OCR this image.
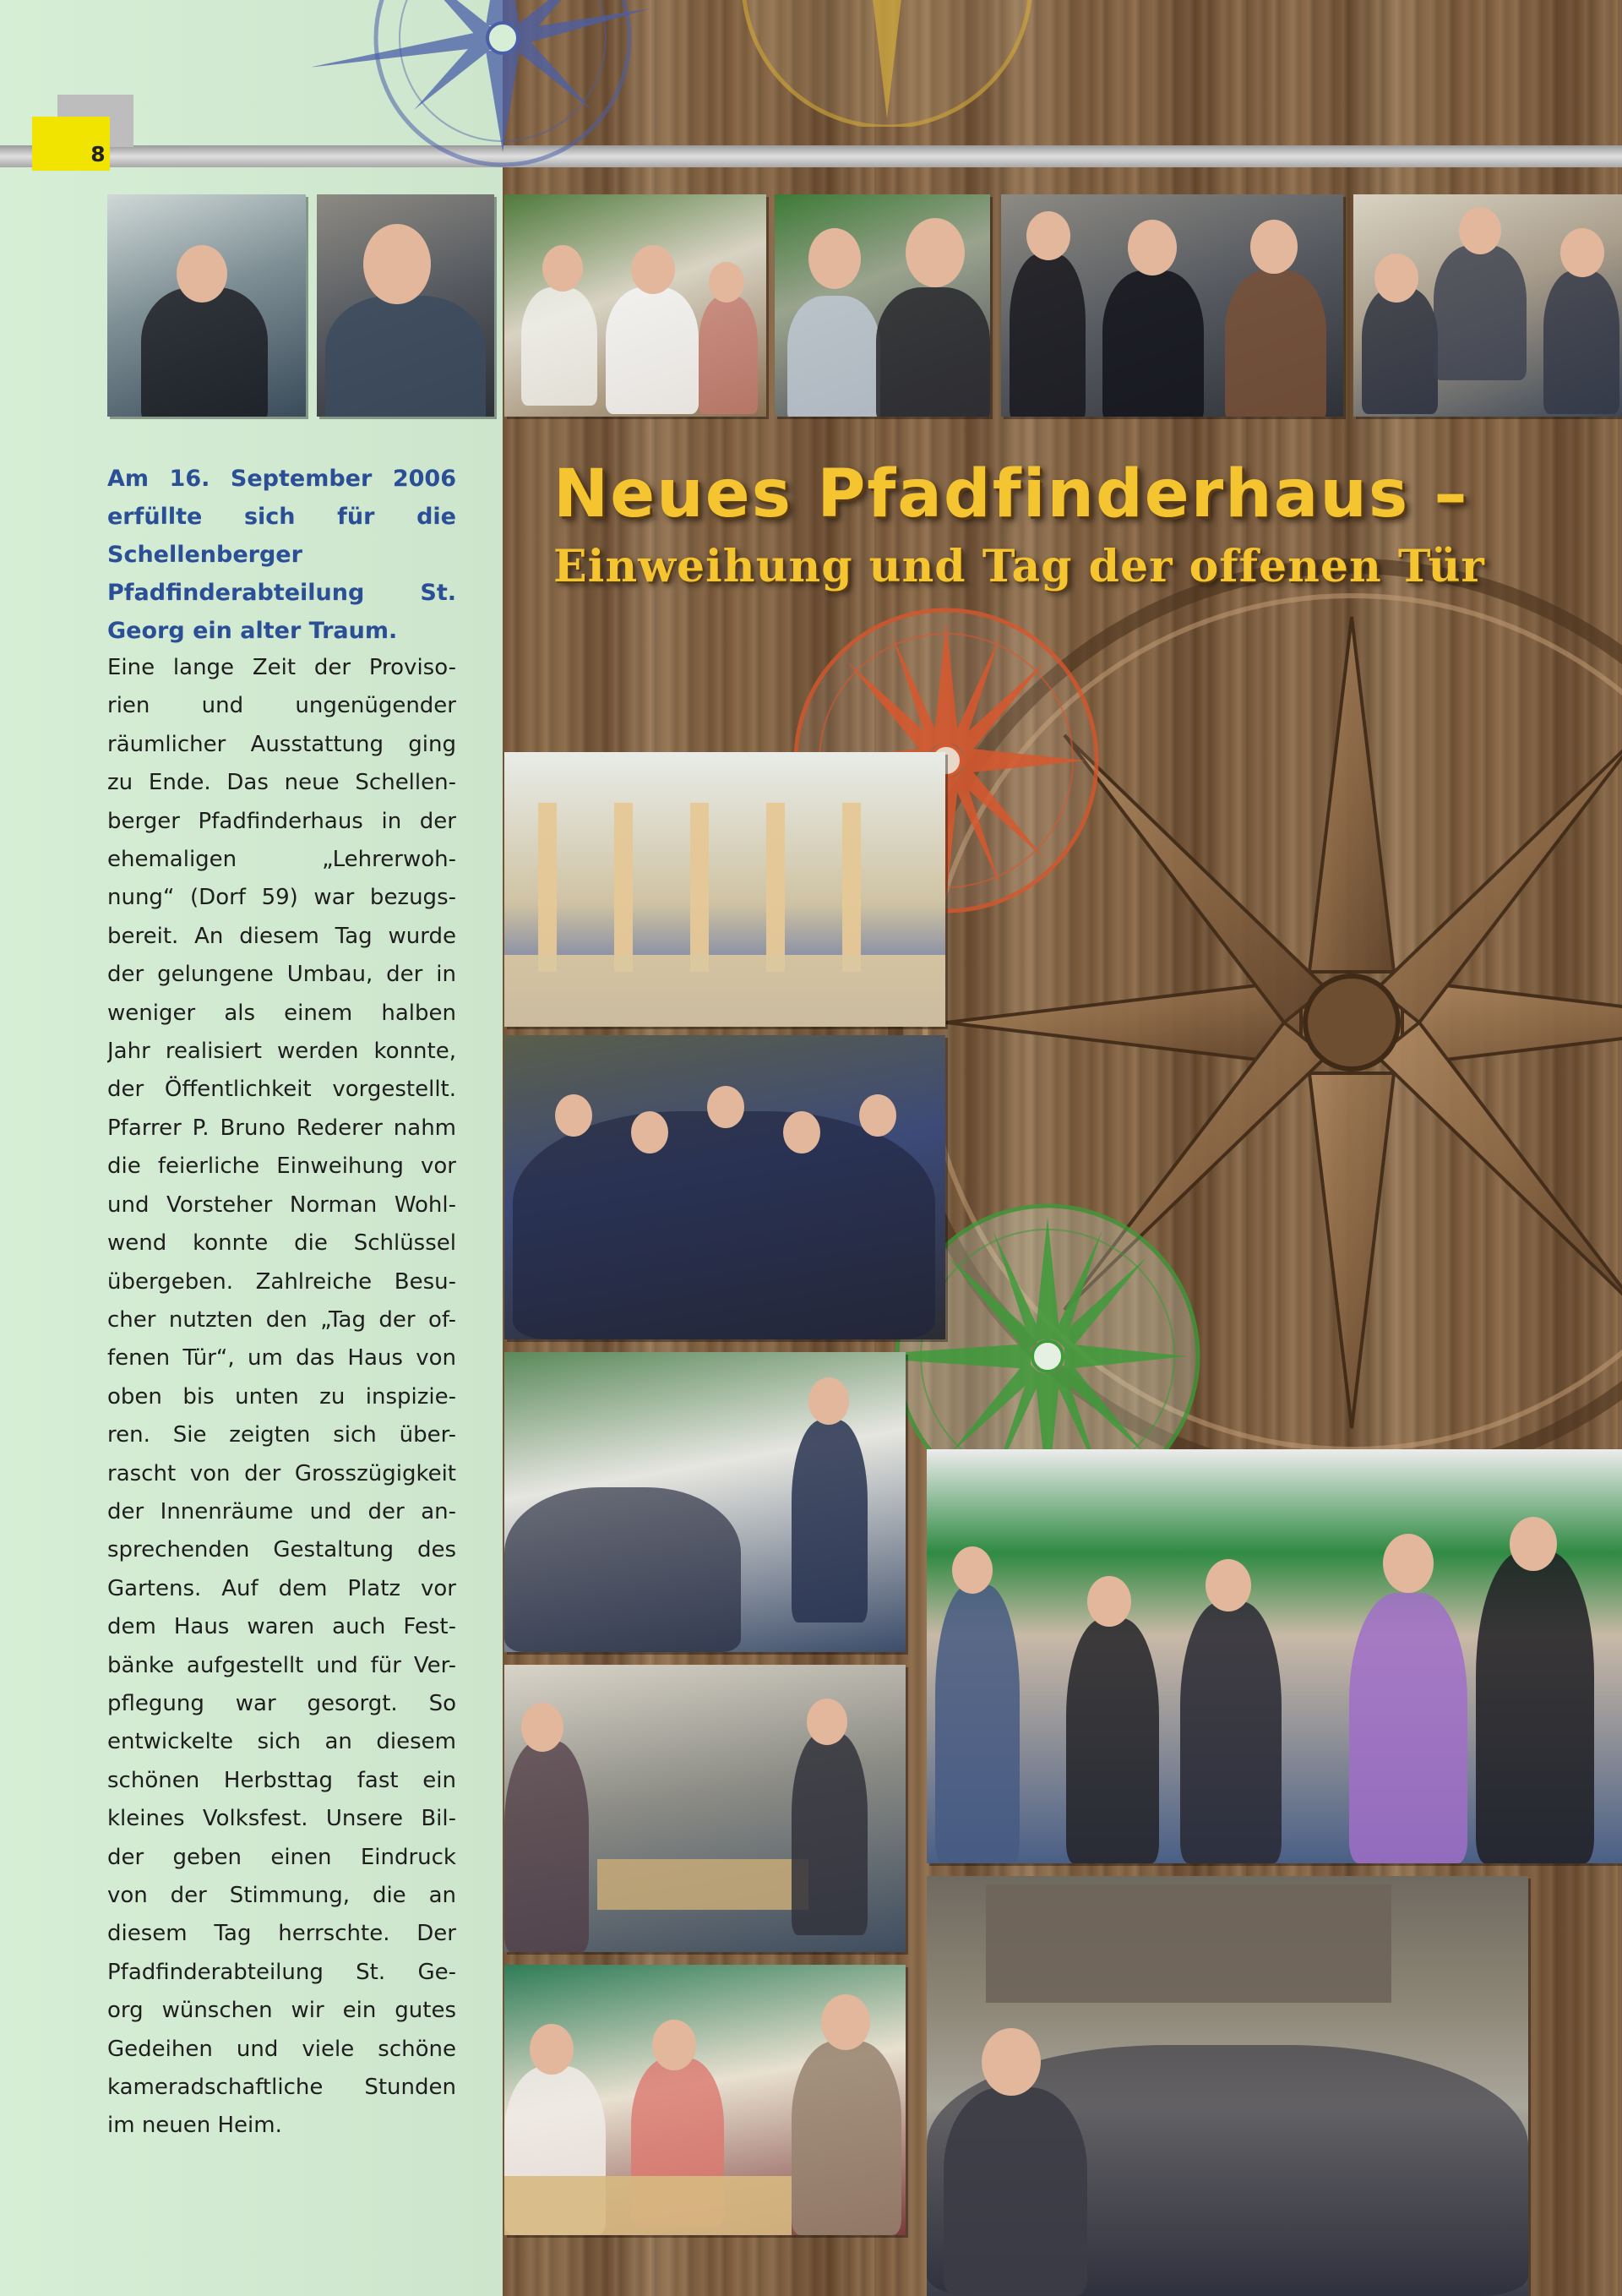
8
Neues Pfadfinderhaus –
Einweihung und Tag der offenen Tür
Am 16. September 2006 erfüllte sich für die Schellenberger Pfadfinderabteilung St. Georg ein alter Traum.
Eine lange Zeit der Proviso-
rien und ungenügender
räumlicher Ausstattung ging
zu Ende. Das neue Schellen-
berger Pfadfinderhaus in der
ehemaligen „Lehrerwoh-
nung“ (Dorf 59) war bezugs-
bereit. An diesem Tag wurde
der gelungene Umbau, der in
weniger als einem halben
Jahr realisiert werden konnte,
der Öffentlichkeit vorgestellt.
Pfarrer P. Bruno Rederer nahm
die feierliche Einweihung vor
und Vorsteher Norman Wohl-
wend konnte die Schlüssel
übergeben. Zahlreiche Besu-
cher nutzten den „Tag der of-
fenen Tür“, um das Haus von
oben bis unten zu inspizie-
ren. Sie zeigten sich über-
rascht von der Grosszügigkeit
der Innenräume und der an-
sprechenden Gestaltung des
Gartens. Auf dem Platz vor
dem Haus waren auch Fest-
bänke aufgestellt und für Ver-
pflegung war gesorgt. So
entwickelte sich an diesem
schönen Herbsttag fast ein
kleines Volksfest. Unsere Bil-
der geben einen Eindruck
von der Stimmung, die an
diesem Tag herrschte. Der
Pfadfinderabteilung St. Ge-
org wünschen wir ein gutes
Gedeihen und viele schöne
kameradschaftliche Stunden
im neuen Heim.
